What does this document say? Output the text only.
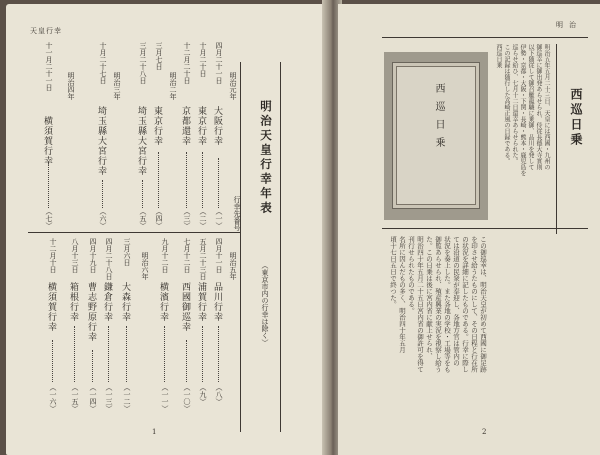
天皇行幸
明治天皇行幸年表
（東京市内の行幸は除く）
行幸先番号
明治元年
四月二十一日
大阪行幸
（一）
十月二十日
東京行幸
（二）
十二月二十日
京都還幸
（三）
明治二年
三月七日
東京行幸
（四）
三月二十八日
埼玉縣大宮行幸
（五）
明治三年
十月二十七日
埼玉縣大宮行幸
（六）
明治四年
十一月二十一日
横須賀行幸
（七）
明治五年
四月十一日
品川行幸
（八）
五月二十三日
浦賀行幸
（九）
七月十二日
西國御巡幸
（一〇）
九月十二日
横濱行幸
（一一）
明治六年
三月六日
大森行幸
（一二）
四月二十八日
鎌倉行幸
（一三）
四月十九日
曹志野原行幸
（一四）
八月十三日
箱根行幸
（一五）
十二月十日
横須賀行幸
（一六）
1
明治
西巡日乗	西巡日乗
明治五年五月二十三日、天皇には西國・九州の
御巡幸に御出発あらせられ、侍従長德大寺實則
以下随従して御召艦龍驤に乗御、品川を発して
伊勢・京都・大阪・下関・長崎・熊本・鹿児島を
巡らせ給ひ、七月十二日還幸あらせられた。
この記録は随行した高崎正風の日録である。
西巡日乗
この御巡幸は、明治天皇が初めて西國に御足跡
を印させ給うたものにして、その日程と行在所
の状況を詳細に記したものである。行幸に際し
ては沿道の民衆が奉迎し、各地方官は管内の
状況を奏上した。また各地の学校・工場等をも
御覧あらせられ、殖産興業の実況を視察し給う
た。この日乗は後に宮内省に献上せられ、
明治四十年五月二十五日宮内省の御許可を得て
刊行せられたものである。
名所に因んだもの多く、明治四十年五月
頃十七日五日で終つた。
2
